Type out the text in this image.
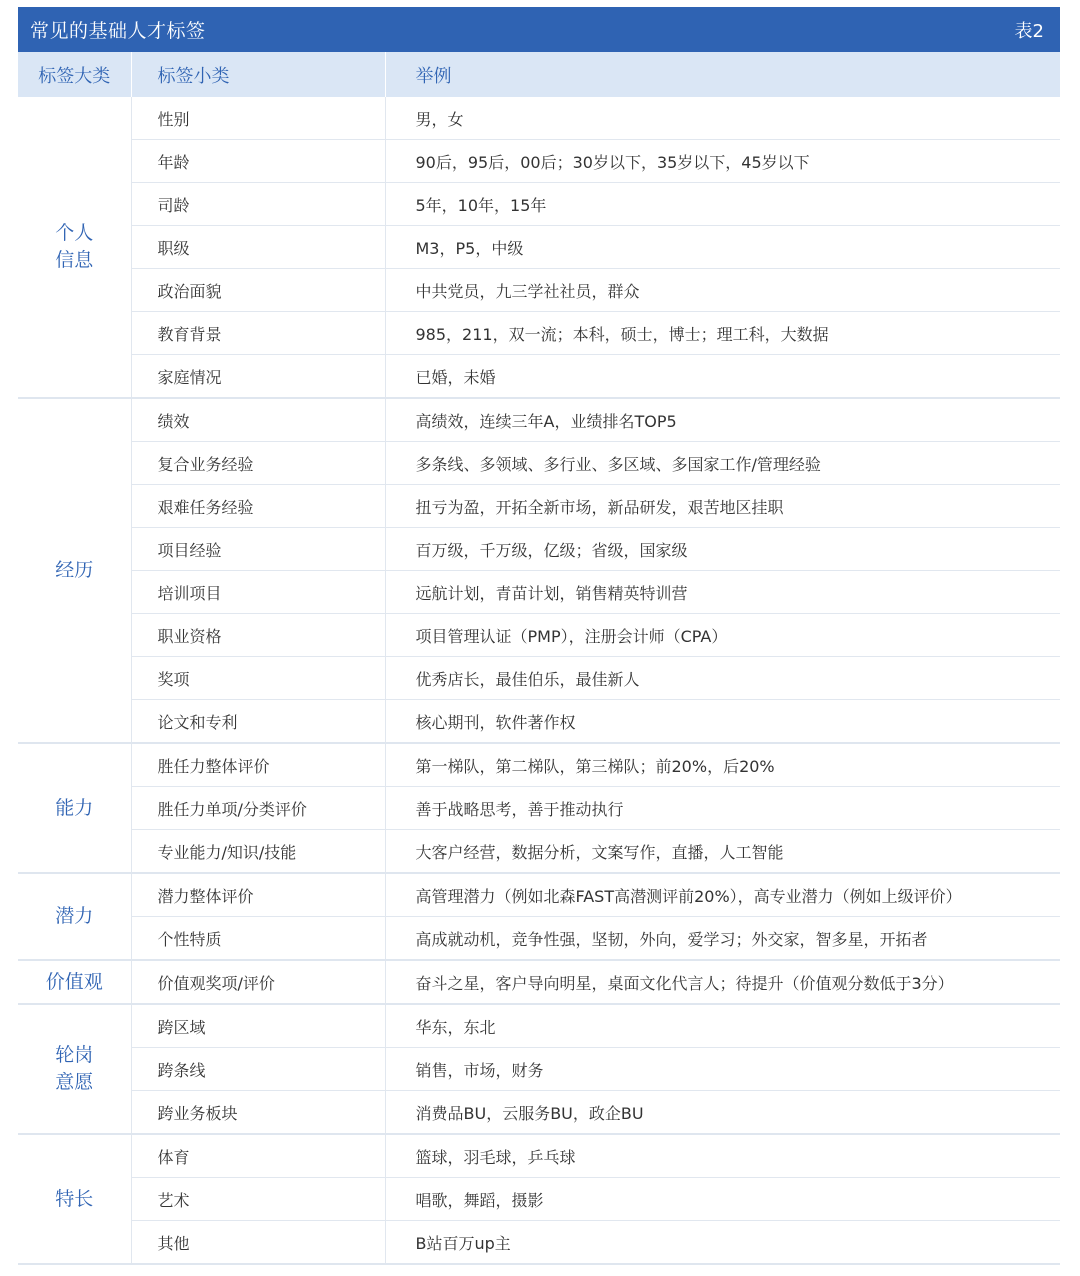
常见的基础人才标签	表2
标签大类	标签小类	举例

个人
信息	性别	男，女
	年龄	90后，95后，00后；30岁以下，35岁以下，45岁以下
	司龄	5年，10年，15年
	职级	M3，P5，中级
	政治面貌	中共党员，九三学社社员，群众
	教育背景	985，211，双一流；本科，硕士，博士；理工科，大数据
	家庭情况	已婚，未婚

经历	绩效	高绩效，连续三年A，业绩排名TOP5
	复合业务经验	多条线、多领域、多行业、多区域、多国家工作/管理经验
	艰难任务经验	扭亏为盈，开拓全新市场，新品研发，艰苦地区挂职
	项目经验	百万级，千万级，亿级；省级，国家级
	培训项目	远航计划，青苗计划，销售精英特训营
	职业资格	项目管理认证（PMP），注册会计师（CPA）
	奖项	优秀店长，最佳伯乐，最佳新人
	论文和专利	核心期刊，软件著作权

能力	胜任力整体评价	第一梯队，第二梯队，第三梯队；前20%，后20%
	胜任力单项/分类评价	善于战略思考，善于推动执行
	专业能力/知识/技能	大客户经营，数据分析，文案写作，直播，人工智能

潜力	潜力整体评价	高管理潜力（例如北森FAST高潜测评前20%），高专业潜力（例如上级评价）
	个性特质	高成就动机，竞争性强，坚韧，外向，爱学习；外交家，智多星，开拓者

价值观	价值观奖项/评价	奋斗之星，客户导向明星，桌面文化代言人；待提升（价值观分数低于3分）

轮岗
意愿	跨区域	华东，东北
	跨条线	销售，市场，财务
	跨业务板块	消费品BU，云服务BU，政企BU

特长	体育	篮球，羽毛球，乒乓球
	艺术	唱歌，舞蹈，摄影
	其他	B站百万up主
